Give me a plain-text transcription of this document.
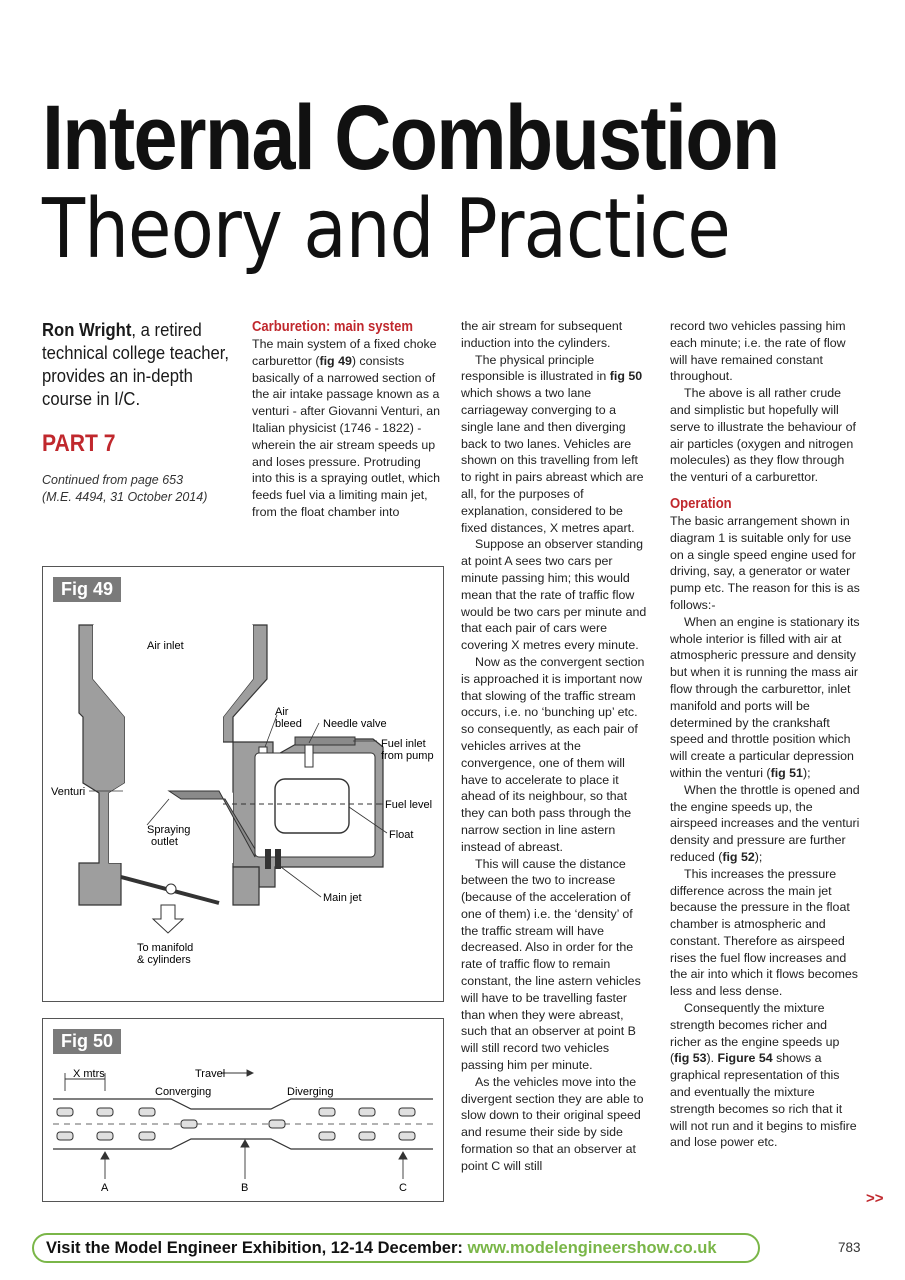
Internal Combustion
Theory and Practice
Ron Wright, a retired technical college teacher, provides an in-depth course in I/C.
PART 7
Continued from page 653
(M.E. 4494, 31 October 2014)
Carburetion: main system

The main system of a fixed choke carburettor (fig 49) consists basically of a narrowed section of the air intake passage known as a venturi - after Giovanni Venturi, an Italian physicist (1746 - 1822) - wherein the air stream speeds up and loses pressure. Protruding into this is a spraying outlet, which feeds fuel via a limiting main jet, from the float chamber into

the air stream for subsequent induction into the cylinders.

The physical principle responsible is illustrated in fig 50 which shows a two lane carriageway converging to a single lane and then diverging back to two lanes. Vehicles are shown on this travelling from left to right in pairs abreast which are all, for the purposes of explanation, considered to be fixed distances, X metres apart.

Suppose an observer standing at point A sees two cars per minute passing him; this would mean that the rate of traffic flow would be two cars per minute and that each pair of cars were covering X metres every minute.

Now as the convergent section is approached it is important now that slowing of the traffic stream occurs, i.e. no ‘bunching up’ etc. so consequently, as each pair of vehicles arrives at the convergence, one of them will have to accelerate to place it ahead of its neighbour, so that they can both pass through the narrow section in line astern instead of abreast.

This will cause the distance between the two to increase (because of the acceleration of one of them) i.e. the ‘density’ of the traffic stream will have decreased. Also in order for the rate of traffic flow to remain constant, the line astern vehicles will have to be travelling faster than when they were abreast, such that an observer at point B will still record two vehicles passing him per minute.

As the vehicles move into the divergent section they are able to slow down to their original speed and resume their side by side formation so that an observer at point C will still

record two vehicles passing him each minute; i.e. the rate of flow will have remained constant throughout.

The above is all rather crude and simplistic but hopefully will serve to illustrate the behaviour of air particles (oxygen and nitrogen molecules) as they flow through the venturi of a carburettor.

Operation

The basic arrangement shown in diagram 1 is suitable only for use on a single speed engine used for driving, say, a generator or water pump etc. The reason for this is as follows:-

When an engine is stationary its whole interior is filled with air at atmospheric pressure and density but when it is running the mass air flow through the carburettor, inlet manifold and ports will be determined by the crankshaft speed and throttle position which will create a particular depression within the venturi (fig 51);

When the throttle is opened and the engine speeds up, the airspeed increases and the venturi density and pressure are further reduced (fig 52);

This increases the pressure difference across the main jet because the pressure in the float chamber is atmospheric and constant. Therefore as airspeed rises the fuel flow increases and the air into which it flows becomes less and less dense.

Consequently the mixture strength becomes richer and richer as the engine speeds up (fig 53). Figure 54 shows a graphical representation of this and eventually the mixture strength becomes so rich that it will not run and it begins to misfire and lose power etc.

Fig 49
Air inlet
Air
bleed Needle valve
Fuel inlet
from pump
Venturi
Fuel level
Spraying
outlet
Float
Main jet
To manifold
& cylinders
Fig 50
X mtrs	Travel
Converging	Diverging
A	B	C
>>
Visit the Model Engineer Exhibition, 12-14 December: www.modelengineershow.co.uk	783
